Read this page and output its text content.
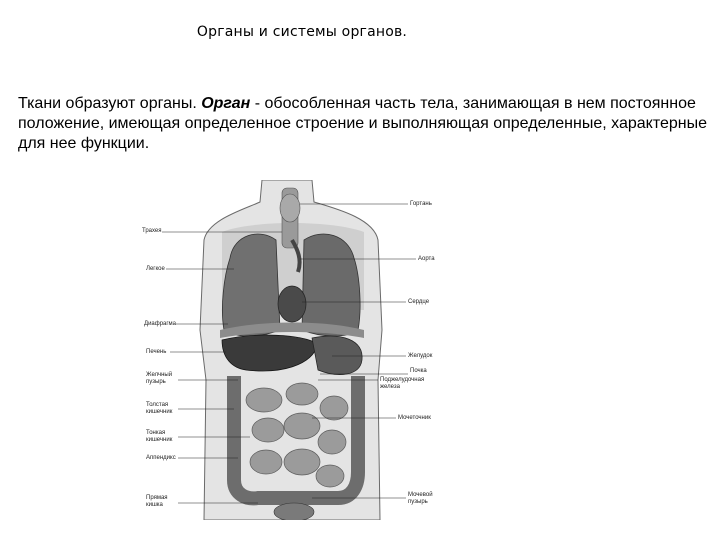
Органы и системы органов.
Ткани образуют органы. Орган - обособленная часть тела, занимающая в нем постоянное положение, имеющая определенное строение и выполняющая определенные, характерные для нее функции.
Трахея
Легкое
Диафрагма
Печень
Желчный пузырь
Толстая кишечник
Тонкая кишечник
Аппендикс
Прямая кишка
Гортань
Аорта
Сердце
Желудок
Почка
Поджелудочная железа
Мочеточник
Мочевой пузырь
